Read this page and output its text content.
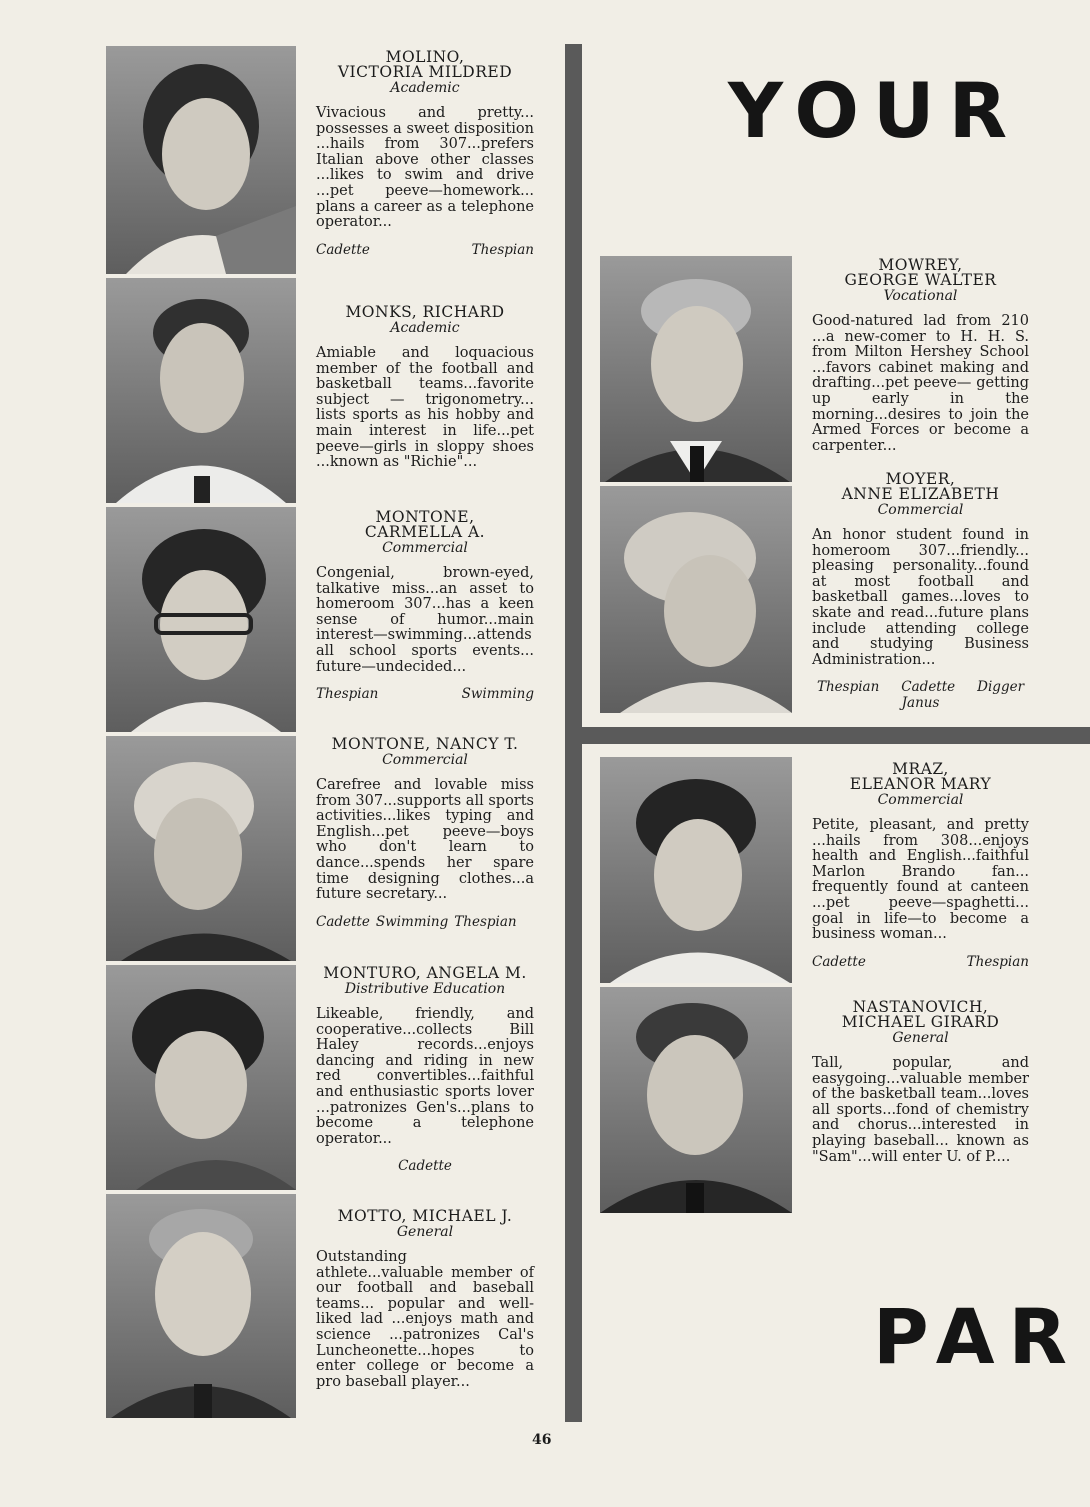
MOLINO,
VICTORIA MILDRED
Academic

Vivacious and pretty... possesses a sweet disposition ...hails from 307...prefers Italian above other classes ...likes to swim and drive ...pet peeve—homework... plans a career as a telephone operator...

Cadette	Thespian
MONKS, RICHARD
Academic

Amiable and loquacious member of the football and basketball teams...favorite subject — trigonometry... lists sports as his hobby and main interest in life...pet peeve—girls in sloppy shoes ...known as "Richie"...

MONTONE,
CARMELLA A.
Commercial

Congenial, brown-eyed, talkative miss...an asset to homeroom 307...has a keen sense of humor...main interest—swimming...attends all school sports events... future—undecided...

Thespian	Swimming
MONTONE, NANCY T.
Commercial

Carefree and lovable miss from 307...supports all sports activities...likes typing and English...pet peeve—boys who don't learn to dance...spends her spare time designing clothes...a future secretary...

Cadette Swimming Thespian
MONTURO, ANGELA M.
Distributive Education

Likeable, friendly, and cooperative...collects Bill Haley records...enjoys dancing and riding in new red convertibles...faithful and enthusiastic sports lover ...patronizes Gen's...plans to become a telephone operator...

Cadette
MOTTO, MICHAEL J.
General

Outstanding athlete...valuable member of our football and baseball teams... popular and well-liked lad ...enjoys math and science ...patronizes Cal's Luncheonette...hopes to enter college or become a pro baseball player...

YOUR
PAR
MOWREY,
GEORGE WALTER
Vocational

Good-natured lad from 210 ...a new-comer to H. H. S. from Milton Hershey School ...favors cabinet making and drafting...pet peeve— getting up early in the morning...desires to join the Armed Forces or become a carpenter...

MOYER,
ANNE ELIZABETH
Commercial

An honor student found in homeroom 307...friendly... pleasing personality...found at most football and basketball games...loves to skate and read...future plans include attending college and studying Business Administration...

Thespian Cadette Digger
Janus
MRAZ,
ELEANOR MARY
Commercial

Petite, pleasant, and pretty ...hails from 308...enjoys health and English...faithful Marlon Brando fan... frequently found at canteen ...pet peeve—spaghetti... goal in life—to become a business woman...

Cadette	Thespian
NASTANOVICH,
MICHAEL GIRARD
General

Tall, popular, and easygoing...valuable member of the basketball team...loves all sports...fond of chemistry and chorus...interested in playing baseball... known as "Sam"...will enter U. of P....

46
